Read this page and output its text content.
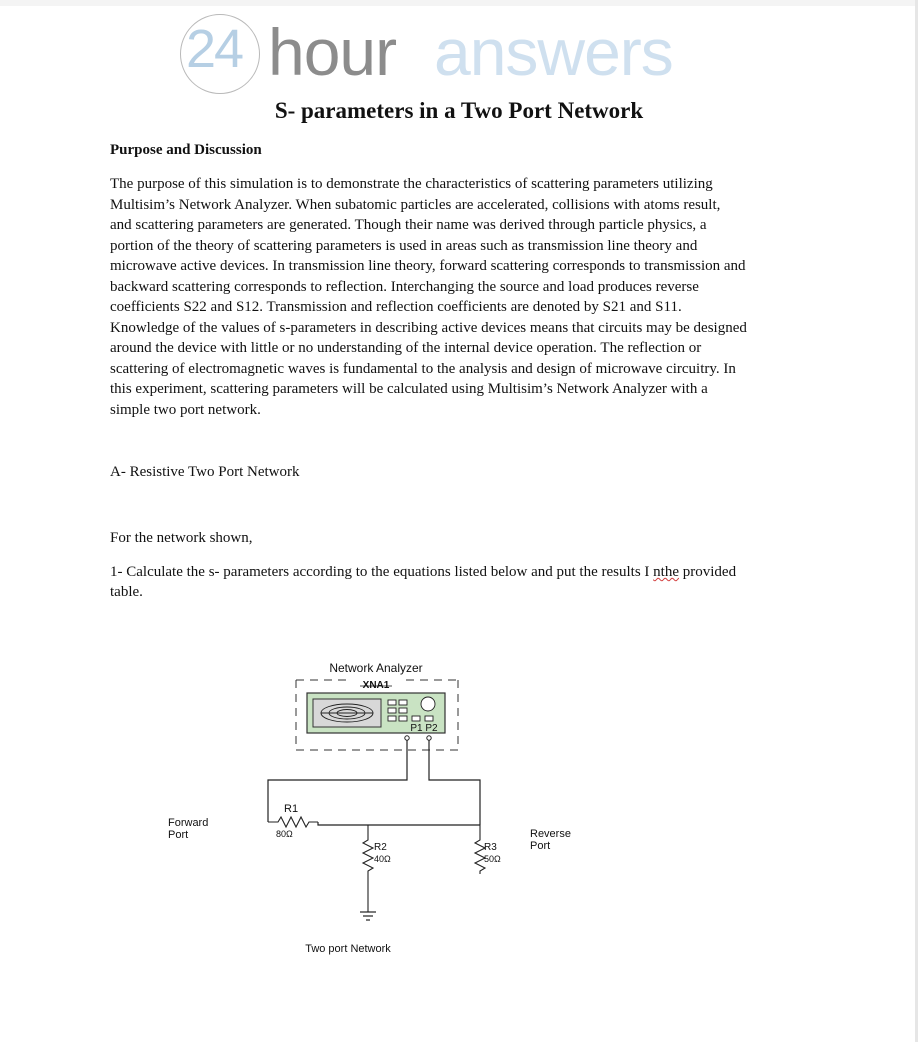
24 hour answers
S- parameters in a Two Port Network
Purpose and Discussion
The purpose of this simulation is to demonstrate the characteristics of scattering parameters utilizing
Multisim’s Network Analyzer. When subatomic particles are accelerated, collisions with atoms result,
and scattering parameters are generated. Though their name was derived through particle physics, a
portion of the theory of scattering parameters is used in areas such as transmission line theory and
microwave active devices. In transmission line theory, forward scattering corresponds to transmission and
backward scattering corresponds to reflection. Interchanging the source and load produces reverse
coefficients S22 and S12. Transmission and reflection coefficients are denoted by S21 and S11.
Knowledge of the values of s-parameters in describing active devices means that circuits may be designed
around the device with little or no understanding of the internal device operation. The reflection or
scattering of electromagnetic waves is fundamental to the analysis and design of microwave circuitry. In
this experiment, scattering parameters will be calculated using Multisim’s Network Analyzer with a
simple two port network.
A- Resistive Two Port Network
For the network shown,
1- Calculate the s- parameters according to the equations listed below and put the results I nthe provided
table.
Network Analyzer
XNA1
P1 P2
R1
80Ω
R2
40Ω
R3
50Ω
Forward
Port	Reverse
Port
Two port Network
